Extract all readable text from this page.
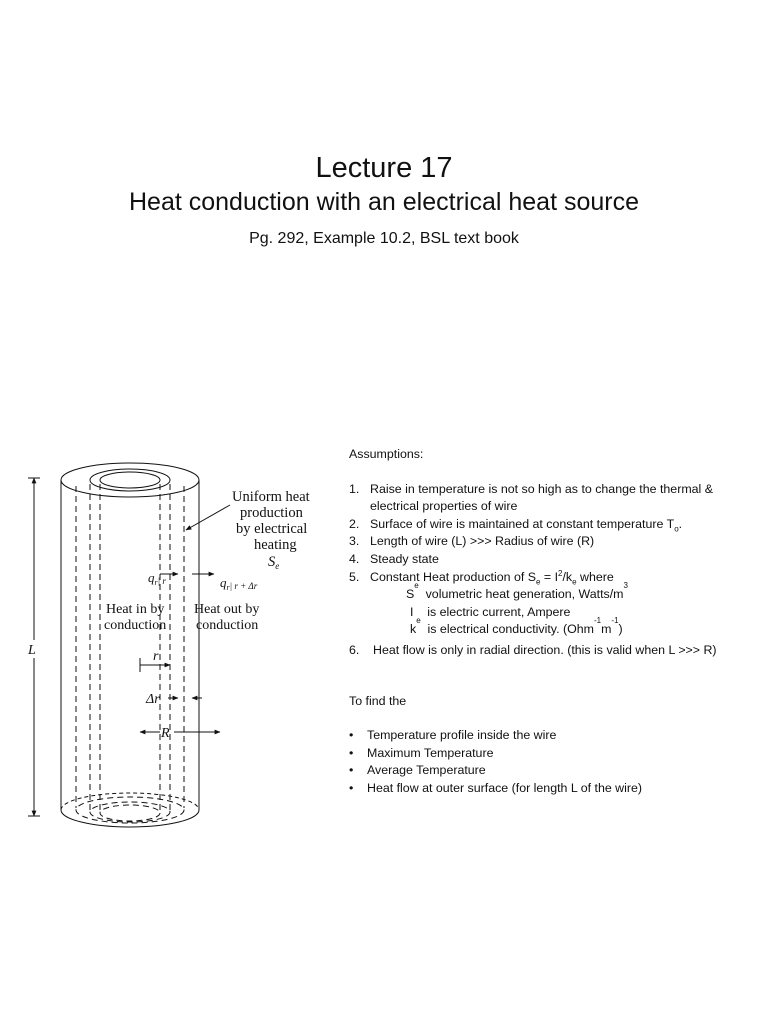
Lecture 17
Heat conduction with an electrical heat source
Pg. 292, Example 10.2, BSL text book
Uniform heat
production
by electrical
heating
$S_e$
$q_r|$ r	$q_r|$ r + Δr
Heat in by
conduction
Heat out by
conduction
L	r
Δr
R

Assumptions:

1. Raise in temperature is not so high as to change the thermal & electrical properties of wire
2. Surface of wire is maintained at constant temperature $T_o$.
3. Length of wire (L) >>> Radius of wire (R)
4. Steady state
5. Constant Heat production of $S_e = I^2/k_e$ where
S
e
volumetric heat generation, Watts/m
3
I is electric current, Ampere
k
e
is electrical conductivity. (Ohm
-1
m
-1
)
6.	Heat flow is only in radial direction. (this is valid when L >>> R)

To find the

•	Temperature profile inside the wire
•	Maximum Temperature
•	Average Temperature
•	Heat flow at outer surface (for length L of the wire)
